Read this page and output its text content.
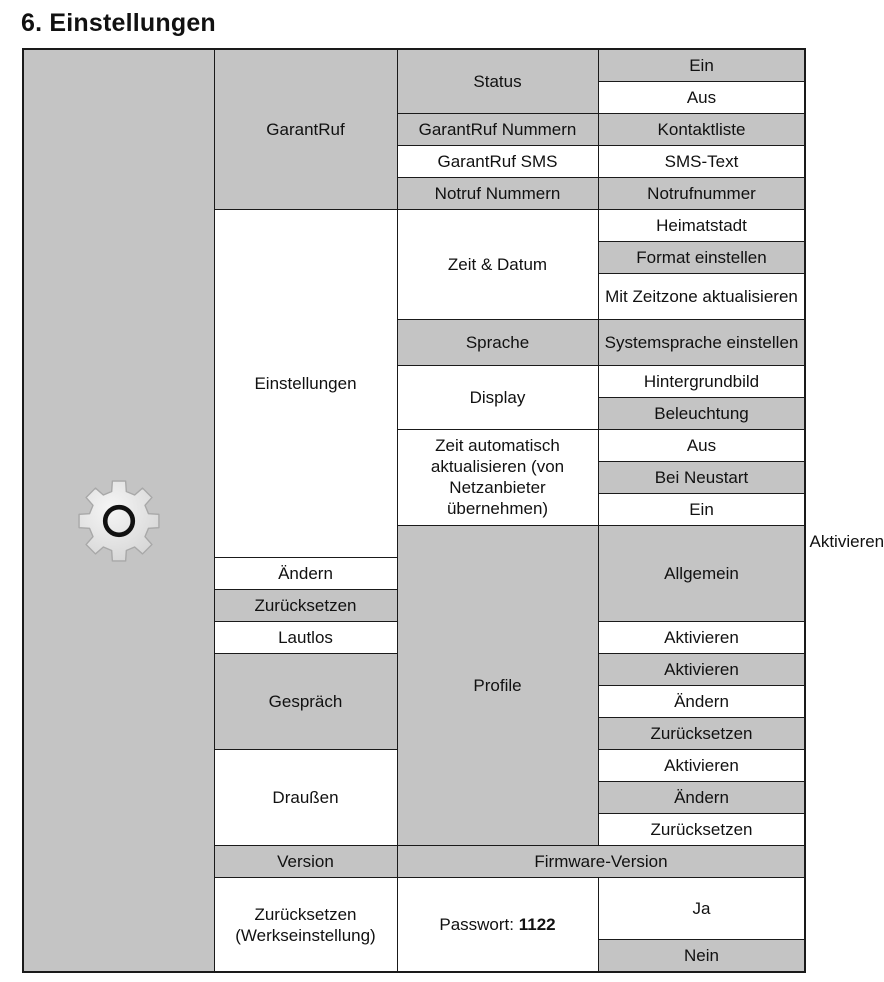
6. Einstellungen
	GarantRuf	Status	Ein	
			Aus	
		GarantRuf Nummern	Kontaktliste	
		GarantRuf SMS	SMS-Text	
		Notruf Nummern	Notrufnummer	
	Einstellungen	Zeit & Datum	Heimatstadt	
			Format einstellen	
			Mit Zeitzone aktualisieren	
		Sprache	Systemsprache einstellen	
		Display	Hintergrundbild	
			Beleuchtung	
		Zeit automatisch aktualisieren (von Netzanbieter übernehmen)	Aus	
			Bei Neustart	
			Ein	
		Profile	Allgemein	Aktivieren
	Ändern			
	Zurücksetzen			
	Lautlos		Aktivieren	
	Gespräch		Aktivieren	
			Ändern	
			Zurücksetzen	
	Draußen		Aktivieren	
			Ändern	
			Zurücksetzen	
	Version	Firmware-Version		
	Zurücksetzen (Werkseinstellung)	Passwort: 1122	Ja	
			Nein	
